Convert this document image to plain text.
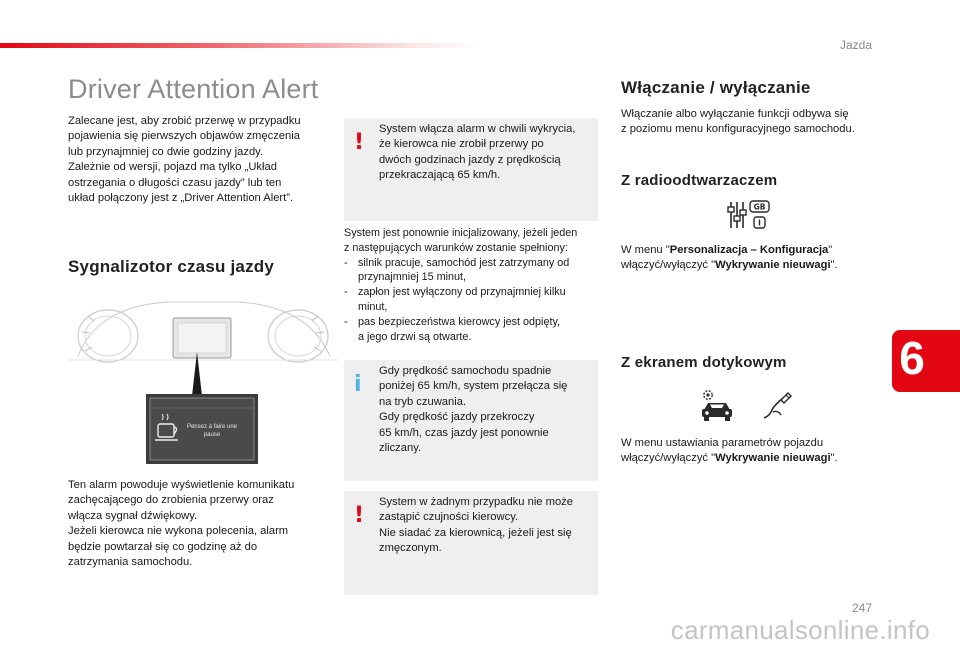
Jazda
Driver Attention Alert
Zalecane jest, aby zrobić przerwę w przypadku
pojawienia się pierwszych objawów zmęczenia
lub przynajmniej co dwie godziny jazdy.
Zależnie od wersji, pojazd ma tylko „Układ
ostrzegania o długości czasu jazdy” lub ten
układ połączony jest z „Driver Attention Alert”.
Sygnalizotor czasu jazdy
Pensez à faire une
pause
Ten alarm powoduje wyświetlenie komunikatu
zachęcającego do zrobienia przerwy oraz
włącza sygnał dźwiękowy.
Jeżeli kierowca nie wykona polecenia, alarm
będzie powtarzał się co godzinę aż do
zatrzymania samochodu.
!
System włącza alarm w chwili wykrycia,
że kierowca nie zrobił przerwy po
dwóch godzinach jazdy z prędkością
przekraczającą 65 km/h.
System jest ponownie inicjalizowany, jeżeli jeden
z następujących warunków zostanie spełniony:
- silnik pracuje, samochód jest zatrzymany od
przynajmniej 15 minut,
- zapłon jest wyłączony od przynajmniej kilku
minut,
- pas bezpieczeństwa kierowcy jest odpięty,
a jego drzwi są otwarte.
i
Gdy prędkość samochodu spadnie
poniżej 65 km/h, system przełącza się
na tryb czuwania.
Gdy prędkość jazdy przekroczy
65 km/h, czas jazdy jest ponownie
zliczany.
!
System w żadnym przypadku nie może
zastąpić czujności kierowcy.
Nie siadać za kierownicą, jeżeli jest się
zmęczonym.
Włączanie / wyłączanie
Włączanie albo wyłączanie funkcji odbywa się
z poziomu menu konfiguracyjnego samochodu.
Z radioodtwarzaczem
GB
I
W menu "Personalizacja – Konfiguracja"
włączyć/wyłączyć "Wykrywanie nieuwagi".
Z ekranem dotykowym
W menu ustawiania parametrów pojazdu
włączyć/wyłączyć "Wykrywanie nieuwagi".
6
247
carmanualsonline.info
